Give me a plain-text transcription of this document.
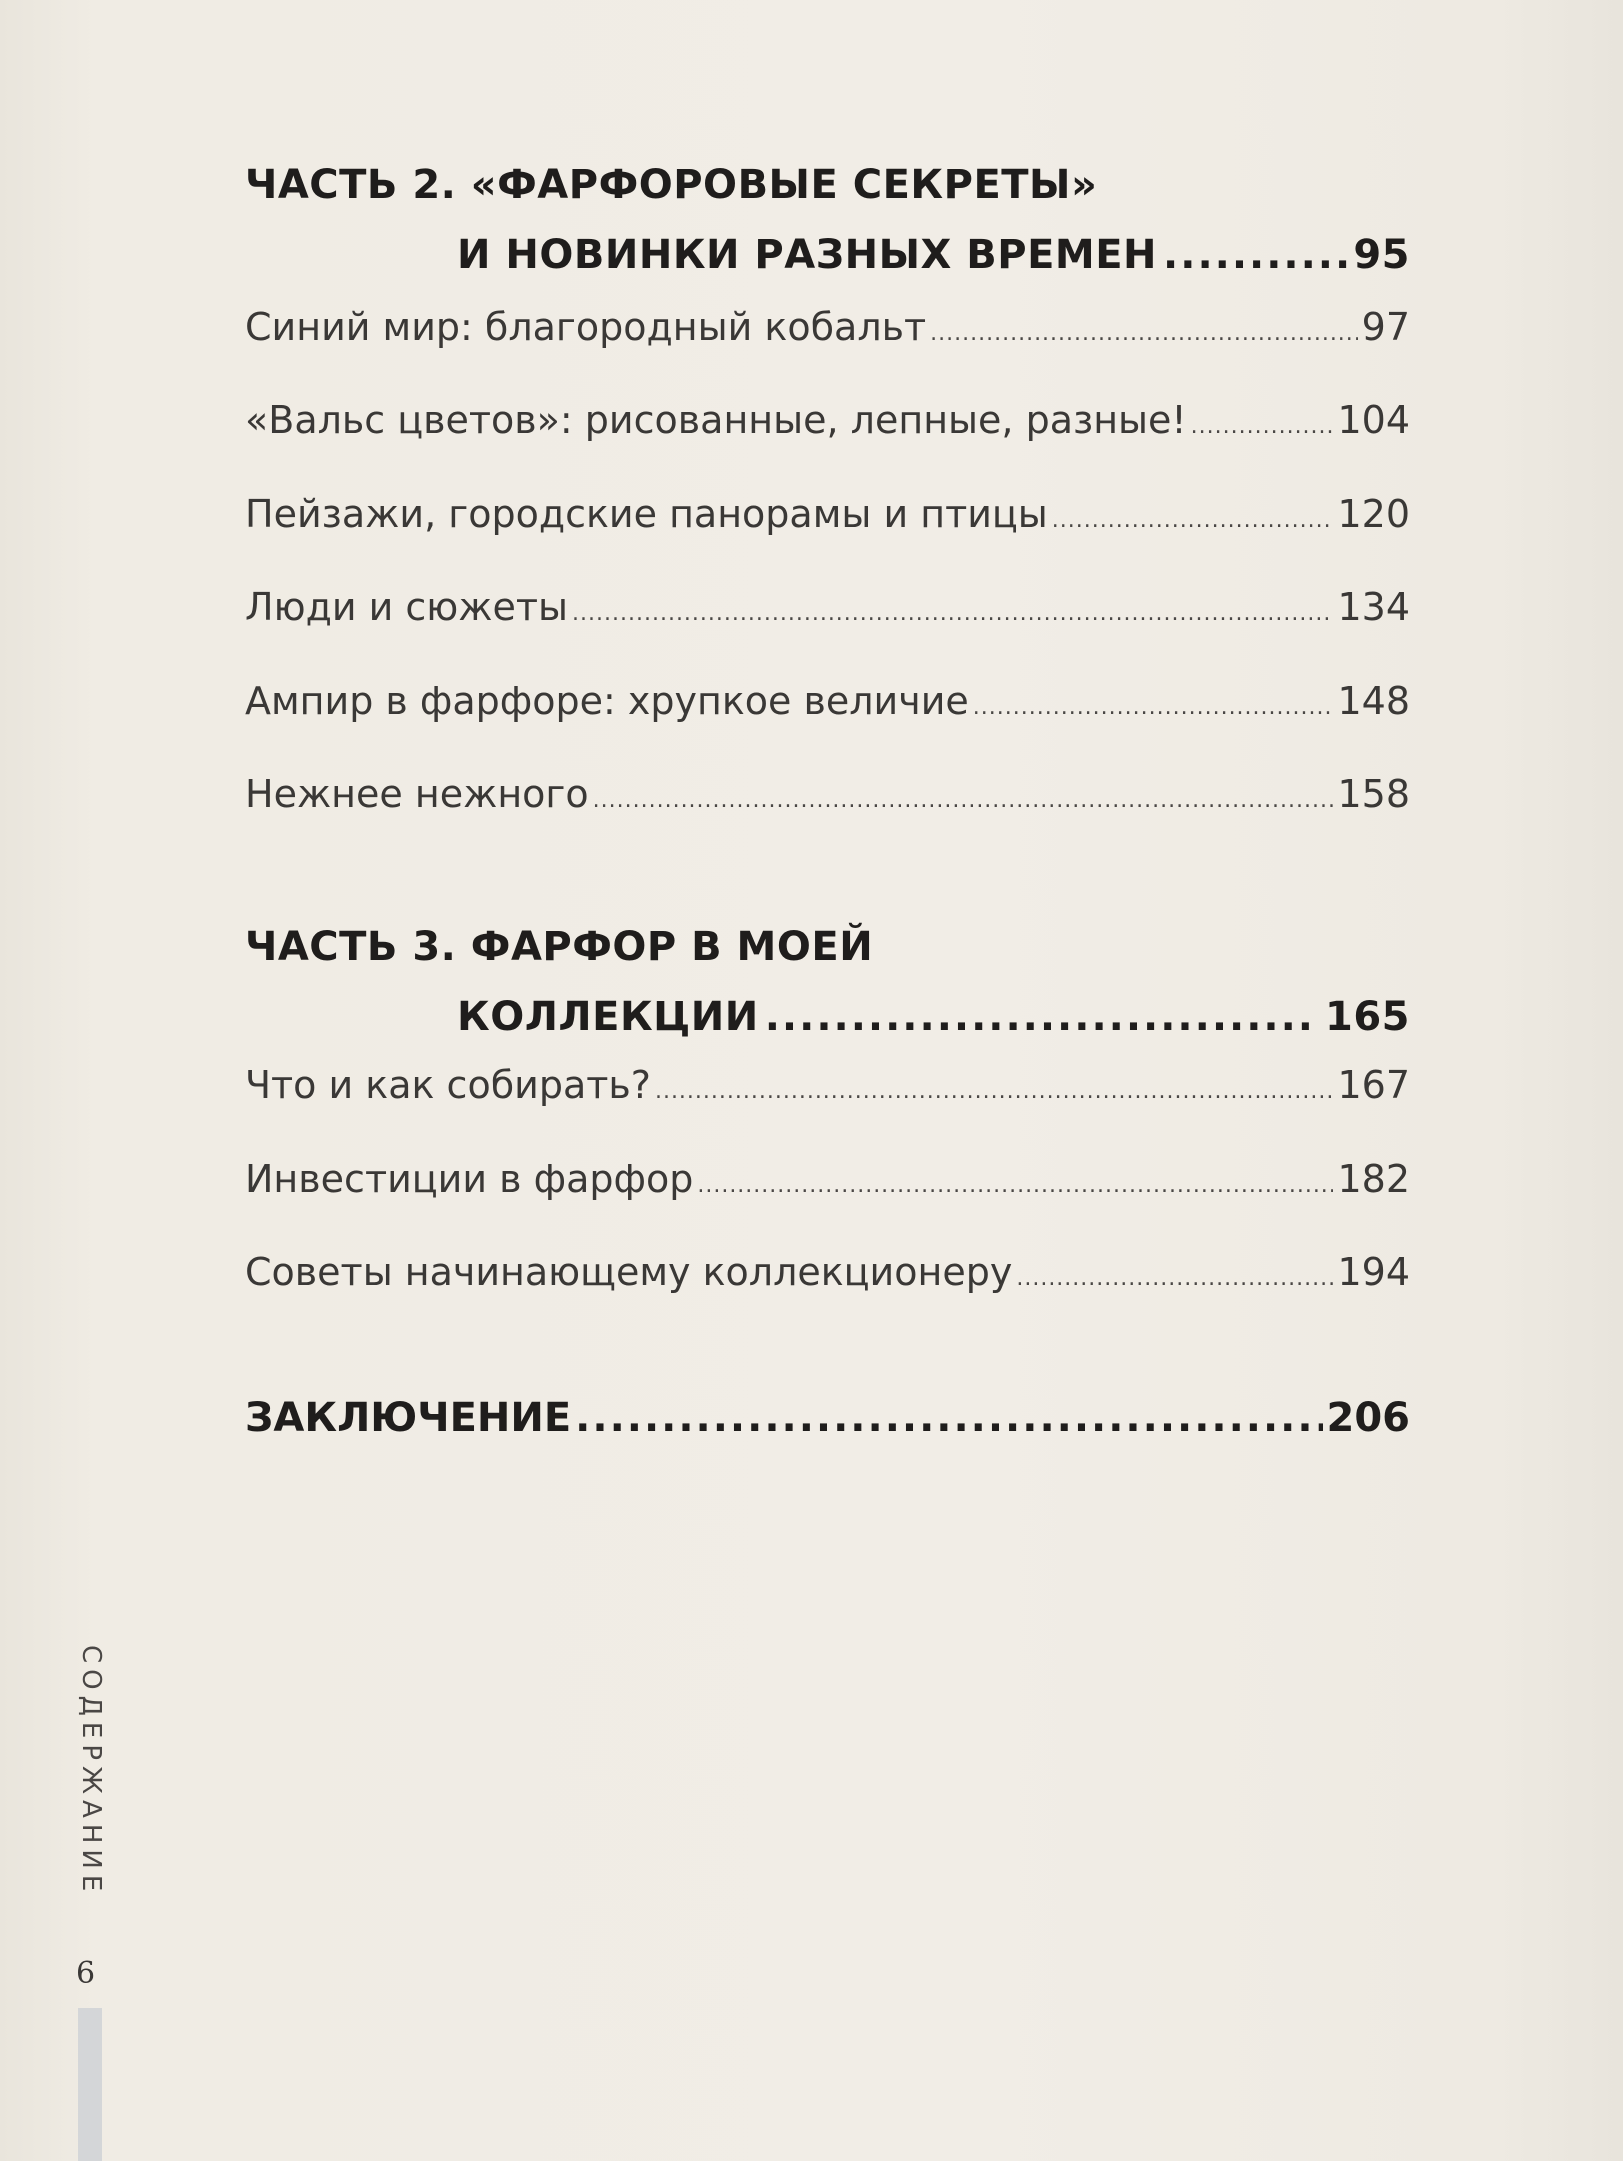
ЧАСТЬ 2. «ФАРФОРОВЫЕ СЕКРЕТЫ»
И НОВИНКИ РАЗНЫХ ВРЕМЕН .....	95
Синий мир: благородный кобальт .....	97
«Вальс цветов»: рисованные, лепные, разные! .....	104
Пейзажи, городские панорамы и птицы .....	120
Люди и сюжеты .....	134
Ампир в фарфоре: хрупкое величие .....	148
Нежнее нежного .....	158
ЧАСТЬ 3. ФАРФОР В МОЕЙ
КОЛЛЕКЦИИ .....	165
Что и как собирать? .....	167
Инвестиции в фарфор .....	182
Советы начинающему коллекционеру .....	194
ЗАКЛЮЧЕНИЕ .....	206
СОДЕРЖАНИЕ
6
